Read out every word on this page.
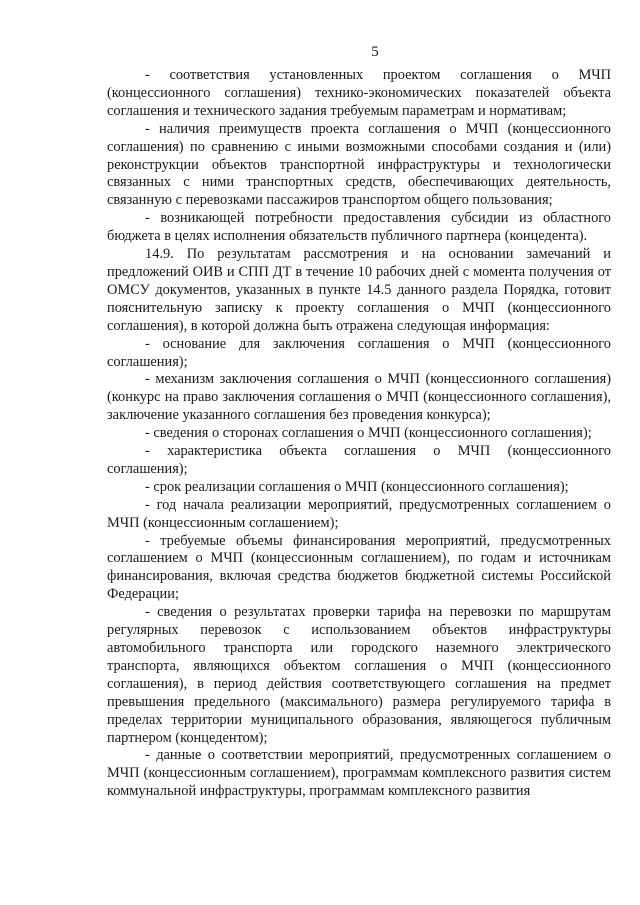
5

- соответствия установленных проектом соглашения о МЧП (концессионного соглашения) технико-экономических показателей объекта соглашения и технического задания требуемым параметрам и нормативам;

- наличия преимуществ проекта соглашения о МЧП (концессионного соглашения) по сравнению с иными возможными способами создания и (или) реконструкции объектов транспортной инфраструктуры и технологически связанных с ними транспортных средств, обеспечивающих деятельность, связанную с перевозками пассажиров транспортом общего пользования;

- возникающей потребности предоставления субсидии из областного бюджета в целях исполнения обязательств публичного партнера (концедента).

14.9. По результатам рассмотрения и на основании замечаний и предложений ОИВ и СПП ДТ в течение 10 рабочих дней с момента получения от ОМСУ документов, указанных в пункте 14.5 данного раздела Порядка, готовит пояснительную записку к проекту соглашения о МЧП (концессионного соглашения), в которой должна быть отражена следующая информация:

- основание для заключения соглашения о МЧП (концессионного соглашения);

- механизм заключения соглашения о МЧП (концессионного соглашения) (конкурс на право заключения соглашения о МЧП (концессионного соглашения), заключение указанного соглашения без проведения конкурса);

- сведения о сторонах соглашения о МЧП (концессионного соглашения);

- характеристика объекта соглашения о МЧП (концессионного соглашения);

- срок реализации соглашения о МЧП (концессионного соглашения);

- год начала реализации мероприятий, предусмотренных соглашением о МЧП (концессионным соглашением);

- требуемые объемы финансирования мероприятий, предусмотренных соглашением о МЧП (концессионным соглашением), по годам и источникам финансирования, включая средства бюджетов бюджетной системы Российской Федерации;

- сведения о результатах проверки тарифа на перевозки по маршрутам регулярных перевозок с использованием объектов инфраструктуры автомобильного транспорта или городского наземного электрического транспорта, являющихся объектом соглашения о МЧП (концессионного соглашения), в период действия соответствующего соглашения на предмет превышения предельного (максимального) размера регулируемого тарифа в пределах территории муниципального образования, являющегося публичным партнером (концедентом);

- данные о соответствии мероприятий, предусмотренных соглашением о МЧП (концессионным соглашением), программам комплексного развития систем коммунальной инфраструктуры, программам комплексного развития
